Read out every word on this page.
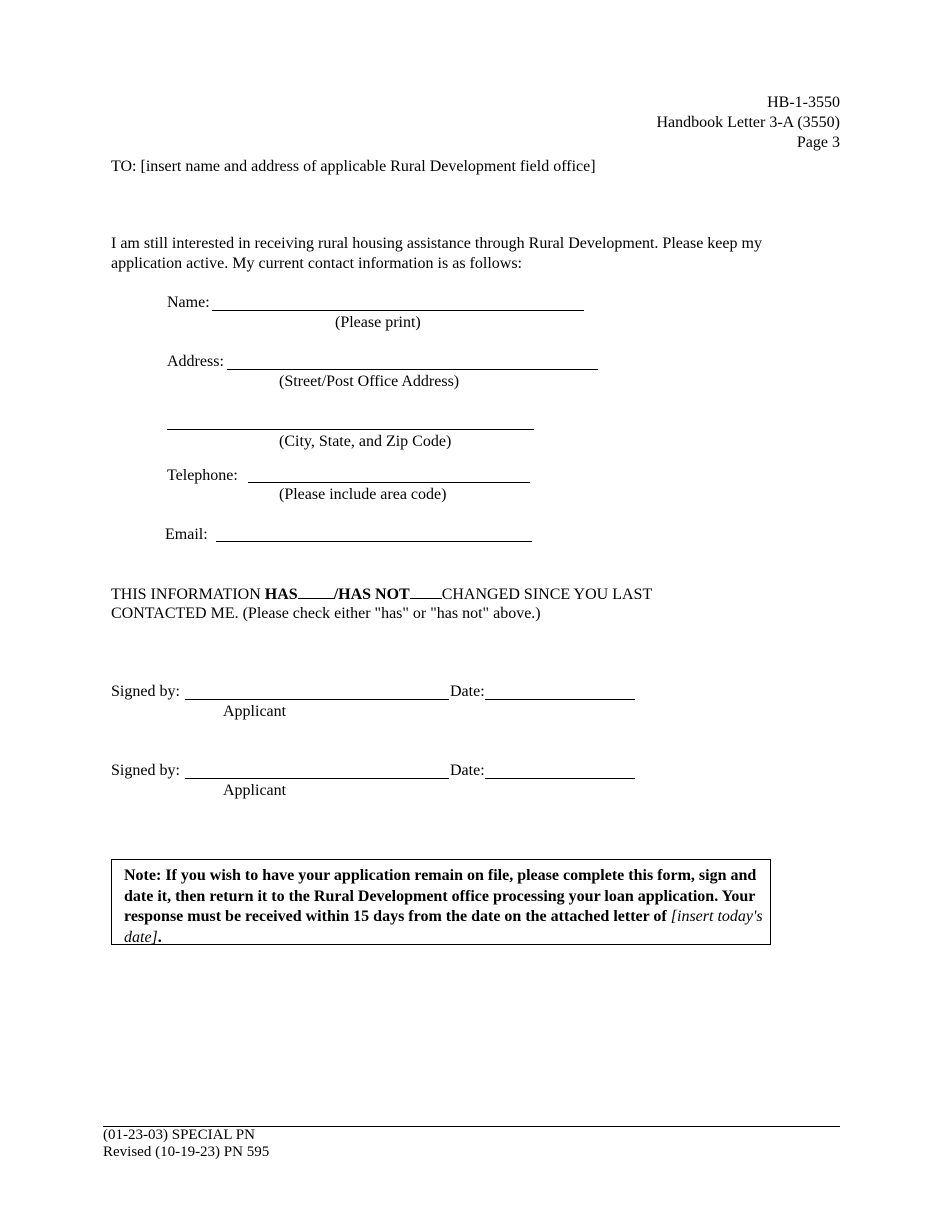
HB-1-3550
Handbook Letter 3-A (3550)
Page 3
TO: [insert name and address of applicable Rural Development field office]
I am still interested in receiving rural housing assistance through Rural Development. Please keep my
application active. My current contact information is as follows:
Name:
(Please print)
Address:
(Street/Post Office Address)
(City, State, and Zip Code)
Telephone:
(Please include area code)
Email:
THIS INFORMATION HAS /HAS NOT CHANGED SINCE YOU LAST
CONTACTED ME. (Please check either "has" or "has not" above.)
Signed by:	Date:
Applicant
Signed by:	Date:
Applicant
Note: If you wish to have your application remain on file, please complete this form, sign and date it, then return it to the Rural Development office processing your loan application. Your response must be received within 15 days from the date on the attached letter of [insert today's date].
(01-23-03) SPECIAL PN
Revised (10-19-23) PN 595
